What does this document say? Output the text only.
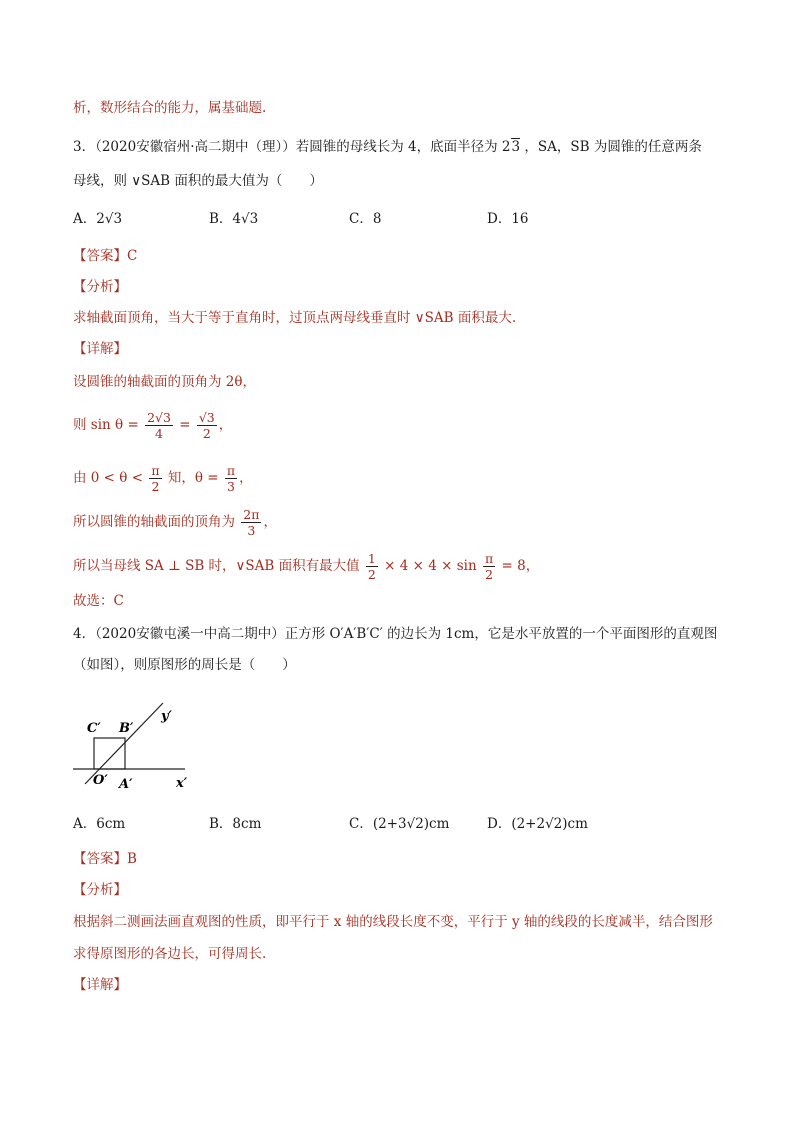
析，数形结合的能力，属基础题.
3．（2020安徽宿州·高二期中（理））若圆锥的母线长为 4，底面半径为 23 ，SA，SB 为圆锥的任意两条
母线，则 ∨SAB 面积的最大值为（　　）
A．2√3	B．4√3	C．8	D．16
【答案】C
【分析】
求轴截面顶角，当大于等于直角时，过顶点两母线垂直时 ∨SAB 面积最大.
【详解】
设圆锥的轴截面的顶角为 2θ，
则 $\sin \theta = \frac{2√3}{4} = \frac{√3}{2}$ ，
由 $0 < \theta < \frac{\pi}{2}$ 知，$\theta = \frac{\pi}{3}$ ，
所以圆锥的轴截面的顶角为 $\frac{2\pi}{3}$ ，
所以当母线 SA ⊥ SB 时，∨SAB 面积有最大值 $\frac{1}{2} \times 4 \times 4 \times \sin \frac{\pi}{2} = 8$，
故选：C
4．（2020安徽屯溪一中高二期中）正方形 O′A′B′C′ 的边长为 1cm，它是水平放置的一个平面图形的直观图
（如图），则原图形的周长是（　　）
C′ B′
y′
O′ A′	x′
A．6cm	B．8cm	C．(2+3√2)cm	D．(2+2√2)cm
【答案】B
【分析】
根据斜二测画法画直观图的性质，即平行于 x 轴的线段长度不变，平行于 y 轴的线段的长度减半，结合图形
求得原图形的各边长，可得周长.
【详解】
